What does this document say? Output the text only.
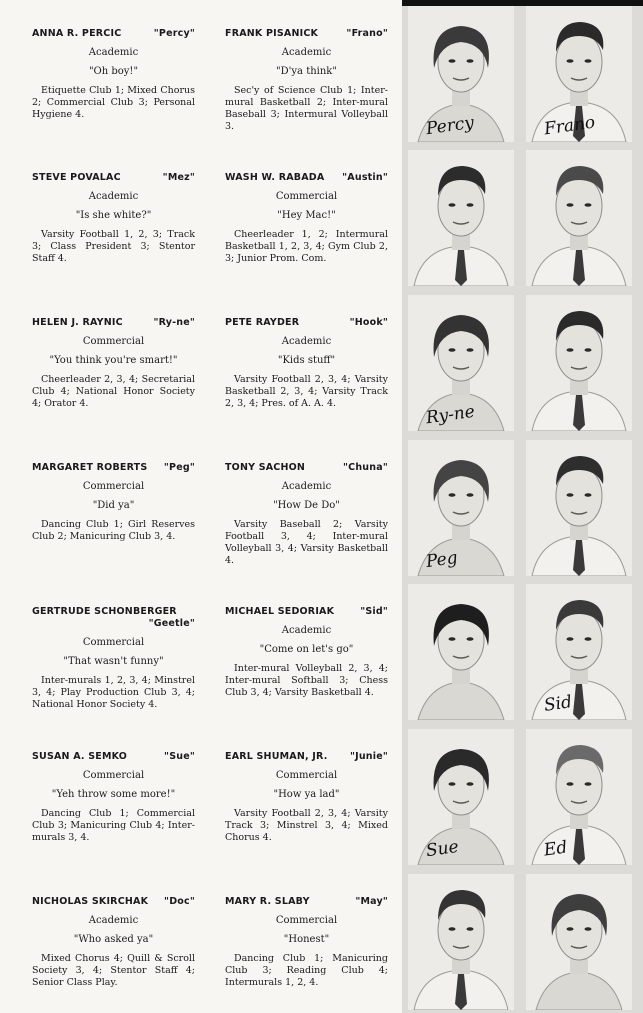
Percy	Frano
Ry-ne
Peg
Sid
Sue	Ed
ANNA R. PERCIC	"Percy"
Academic
"Oh boy!"
Etiquette Club 1; Mixed Chorus 2; Commercial Club 3; Personal Hygiene 4.
FRANK PISANICK	"Frano"
Academic
"D'ya think"
Sec'y of Science Club 1; Inter-mural Basketball 2; Inter-mural Baseball 3; Intermural Volleyball 3.
STEVE POVALAC	"Mez"
Academic
"Is she white?"
Varsity Football 1, 2, 3; Track 3; Class President 3; Stentor Staff 4.
WASH W. RABADA "Austin"
Commercial
"Hey Mac!"
Cheerleader 1, 2; Intermural Basketball 1, 2, 3, 4; Gym Club 2, 3; Junior Prom. Com.
HELEN J. RAYNIC	"Ry-ne"
Commercial
"You think you're smart!"
Cheerleader 2, 3, 4; Secretarial Club 4; National Honor Society 4; Orator 4.
PETE RAYDER	"Hook"
Academic
"Kids stuff"
Varsity Football 2, 3, 4; Varsity Basketball 2, 3, 4; Varsity Track 2, 3, 4; Pres. of A. A. 4.
MARGARET ROBERTS "Peg"
Commercial
"Did ya"
Dancing Club 1; Girl Reserves Club 2; Manicuring Club 3, 4.
TONY SACHON	"Chuna"
Academic
"How De Do"
Varsity Baseball 2; Varsity Football 3, 4; Inter-mural Volleyball 3, 4; Varsity Basketball 4.
GERTRUDE SCHONBERGER
"Geetle"
Commercial
"That wasn't funny"
Inter-murals 1, 2, 3, 4; Minstrel 3, 4; Play Production Club 3, 4; National Honor Society 4.
MICHAEL SEDORIAK	"Sid"
Academic
"Come on let's go"
Inter-mural Volleyball 2, 3, 4; Inter-mural Softball 3; Chess Club 3, 4; Varsity Basketball 4.
SUSAN A. SEMKO	"Sue"
Commercial
"Yeh throw some more!"
Dancing Club 1; Commercial Club 3; Manicuring Club 4; Inter-murals 3, 4.
EARL SHUMAN, JR. "Junie"
Commercial
"How ya lad"
Varsity Football 2, 3, 4; Varsity Track 3; Minstrel 3, 4; Mixed Chorus 4.
NICHOLAS SKIRCHAK "Doc"
Academic
"Who asked ya"
Mixed Chorus 4; Quill & Scroll Society 3, 4; Stentor Staff 4; Senior Class Play.
MARY R. SLABY	"May"
Commercial
"Honest"
Dancing Club 1; Manicuring Club 3; Reading Club 4; Intermurals 1, 2, 4.
